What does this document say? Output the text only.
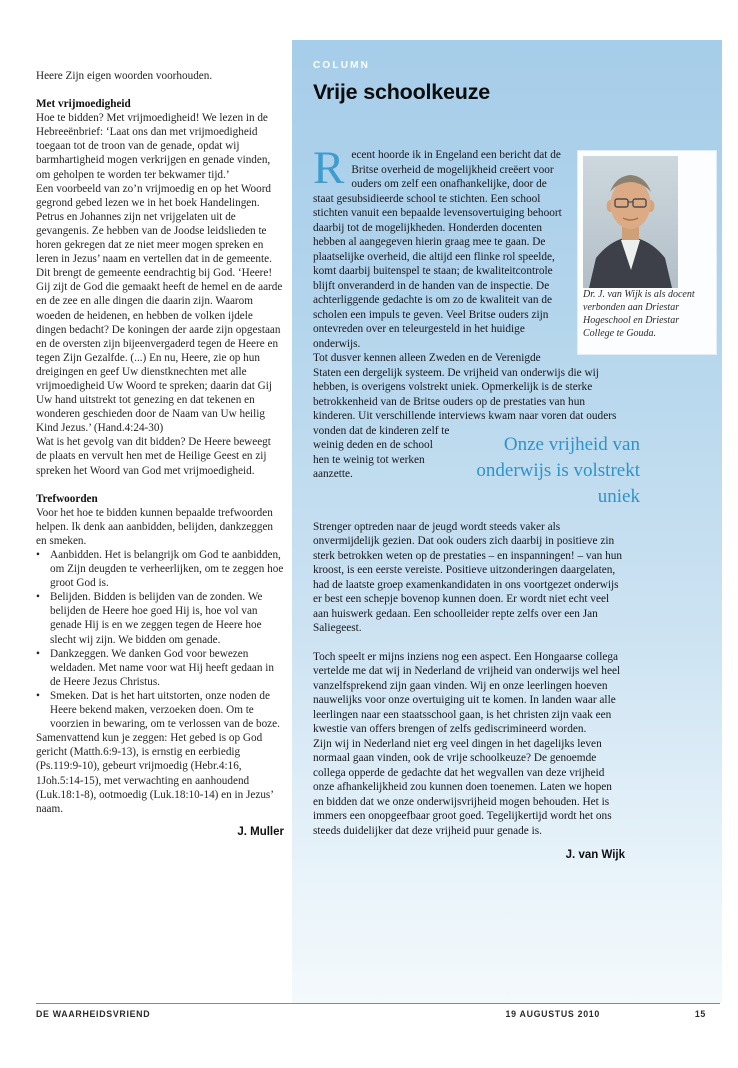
Heere Zijn eigen woorden voorhouden.

Met vrijmoedigheid

Hoe te bidden? Met vrijmoedigheid! We lezen in de Hebreeënbrief: ‘Laat ons dan met vrijmoedigheid toegaan tot de troon van de genade, opdat wij barmhartigheid mogen verkrijgen en genade vinden, om geholpen te worden ter bekwamer tijd.’

Een voorbeeld van zo’n vrijmoedig en op het Woord gegrond gebed lezen we in het boek Handelingen. Petrus en Johannes zijn net vrijgelaten uit de gevangenis. Ze hebben van de Joodse leidslieden te horen gekregen dat ze niet meer mogen spreken en leren in Jezus’ naam en vertellen dat in de gemeente.

Dit brengt de gemeente eendrachtig bij God. ‘Heere! Gij zijt de God die gemaakt heeft de hemel en de aarde en de zee en alle dingen die daarin zijn. Waarom woeden de heidenen, en hebben de volken ijdele dingen bedacht? De koningen der aarde zijn opgestaan en de oversten zijn bijeenvergaderd tegen de Heere en tegen Zijn Gezalfde. (...) En nu, Heere, zie op hun dreigingen en geef Uw dienstknechten met alle vrijmoedigheid Uw Woord te spreken; daarin dat Gij Uw hand uitstrekt tot genezing en dat tekenen en wonderen geschieden door de Naam van Uw heilig Kind Jezus.’ (Hand.4:24-30)

Wat is het gevolg van dit bidden? De Heere beweegt de plaats en vervult hen met de Heilige Geest en zij spreken het Woord van God met vrijmoedigheid.

Trefwoorden

Voor het hoe te bidden kunnen bepaalde trefwoorden helpen. Ik denk aan aanbidden, belijden, dankzeggen en smeken.

• Aanbidden. Het is belangrijk om God te aanbidden, om Zijn deugden te verheerlijken, om te zeggen hoe groot God is.
• Belijden. Bidden is belijden van de zonden. We belijden de Heere hoe goed Hij is, hoe vol van genade Hij is en we zeggen tegen de Heere hoe slecht wij zijn. We bidden om genade.
• Dankzeggen. We danken God voor bewezen weldaden. Met name voor wat Hij heeft gedaan in de Heere Jezus Christus.
• Smeken. Dat is het hart uitstorten, onze noden de Heere bekend maken, verzoeken doen. Om te voorzien in bewaring, om te verlossen van de boze.

Samenvattend kun je zeggen: Het gebed is op God gericht (Matth.6:9-13), is ernstig en eerbiedig (Ps.119:9-10), gebeurt vrijmoedig (Hebr.4:16, 1Joh.5:14-15), met verwachting en aanhoudend (Luk.18:1-8), ootmoedig (Luk.18:10-14) en in Jezus’ naam.

J. Muller

COLUMN
Vrije schoolkeuze

Dr. J. van Wijk is als docent verbonden aan Driestar Hogeschool en Driestar College te Gouda.

R ecent hoorde ik in Engeland een bericht dat de Britse overheid de mogelijkheid creëert voor ouders om zelf een onafhankelijke, door de staat gesubsidieerde school te stichten. Een school stichten vanuit een bepaalde levensovertuiging behoort daarbij tot de mogelijkheden. Honderden docenten hebben al aangegeven hierin graag mee te gaan. De plaatselijke overheid, die altijd een flinke rol speelde, komt daarbij buitenspel te staan; de kwaliteitcontrole blijft onveranderd in de handen van de inspectie. De achterliggende gedachte is om zo de kwaliteit van de scholen een impuls te geven. Veel Britse ouders zijn ontevreden over en teleurgesteld in het huidige onderwijs.

Tot dusver kennen alleen Zweden en de Verenigde Staten een dergelijk systeem. De vrijheid van onderwijs die wij hebben, is overigens volstrekt uniek. Opmerkelijk is de sterke betrokkenheid van de Britse ouders op de prestaties van hun kinderen. Uit verschillende interviews kwam
Onze vrijheid van onderwijs is volstrekt uniek
naar voren dat ouders vonden dat de kinderen zelf te weinig deden en de school hen te weinig tot werken aanzette.

Strenger optreden naar de jeugd wordt steeds vaker als onvermijdelijk gezien. Dat ook ouders zich daarbij in positieve zin sterk betrokken weten op de prestaties – en inspanningen! – van hun kroost, is een eerste vereiste. Positieve uitzonderingen daargelaten, had de laatste groep examenkandidaten in ons voortgezet onderwijs er best een schepje bovenop kunnen doen. Er wordt niet echt veel aan huiswerk gedaan. Een schoolleider repte zelfs over een Jan Saliegeest.

Toch speelt er mijns inziens nog een aspect. Een Hongaarse collega vertelde me dat wij in Nederland de vrijheid van onderwijs wel heel vanzelfsprekend zijn gaan vinden. Wij en onze leerlingen hoeven nauwelijks voor onze overtuiging uit te komen. In landen waar alle leerlingen naar een staatsschool gaan, is het christen zijn vaak een kwestie van offers brengen of zelfs gediscrimineerd worden.

Zijn wij in Nederland niet erg veel dingen in het dagelijks leven normaal gaan vinden, ook de vrije schoolkeuze? De genoemde collega opperde de gedachte dat het wegvallen van deze vrijheid onze afhankelijkheid zou kunnen doen toenemen. Laten we hopen en bidden dat we onze onderwijsvrijheid mogen behouden. Het is immers een onopgeefbaar groot goed. Tegelijkertijd wordt het ons steeds duidelijker dat deze vrijheid puur genade is.

J. van Wijk

DE WAARHEIDSVRIEND	19 AUGUSTUS 2010	15
